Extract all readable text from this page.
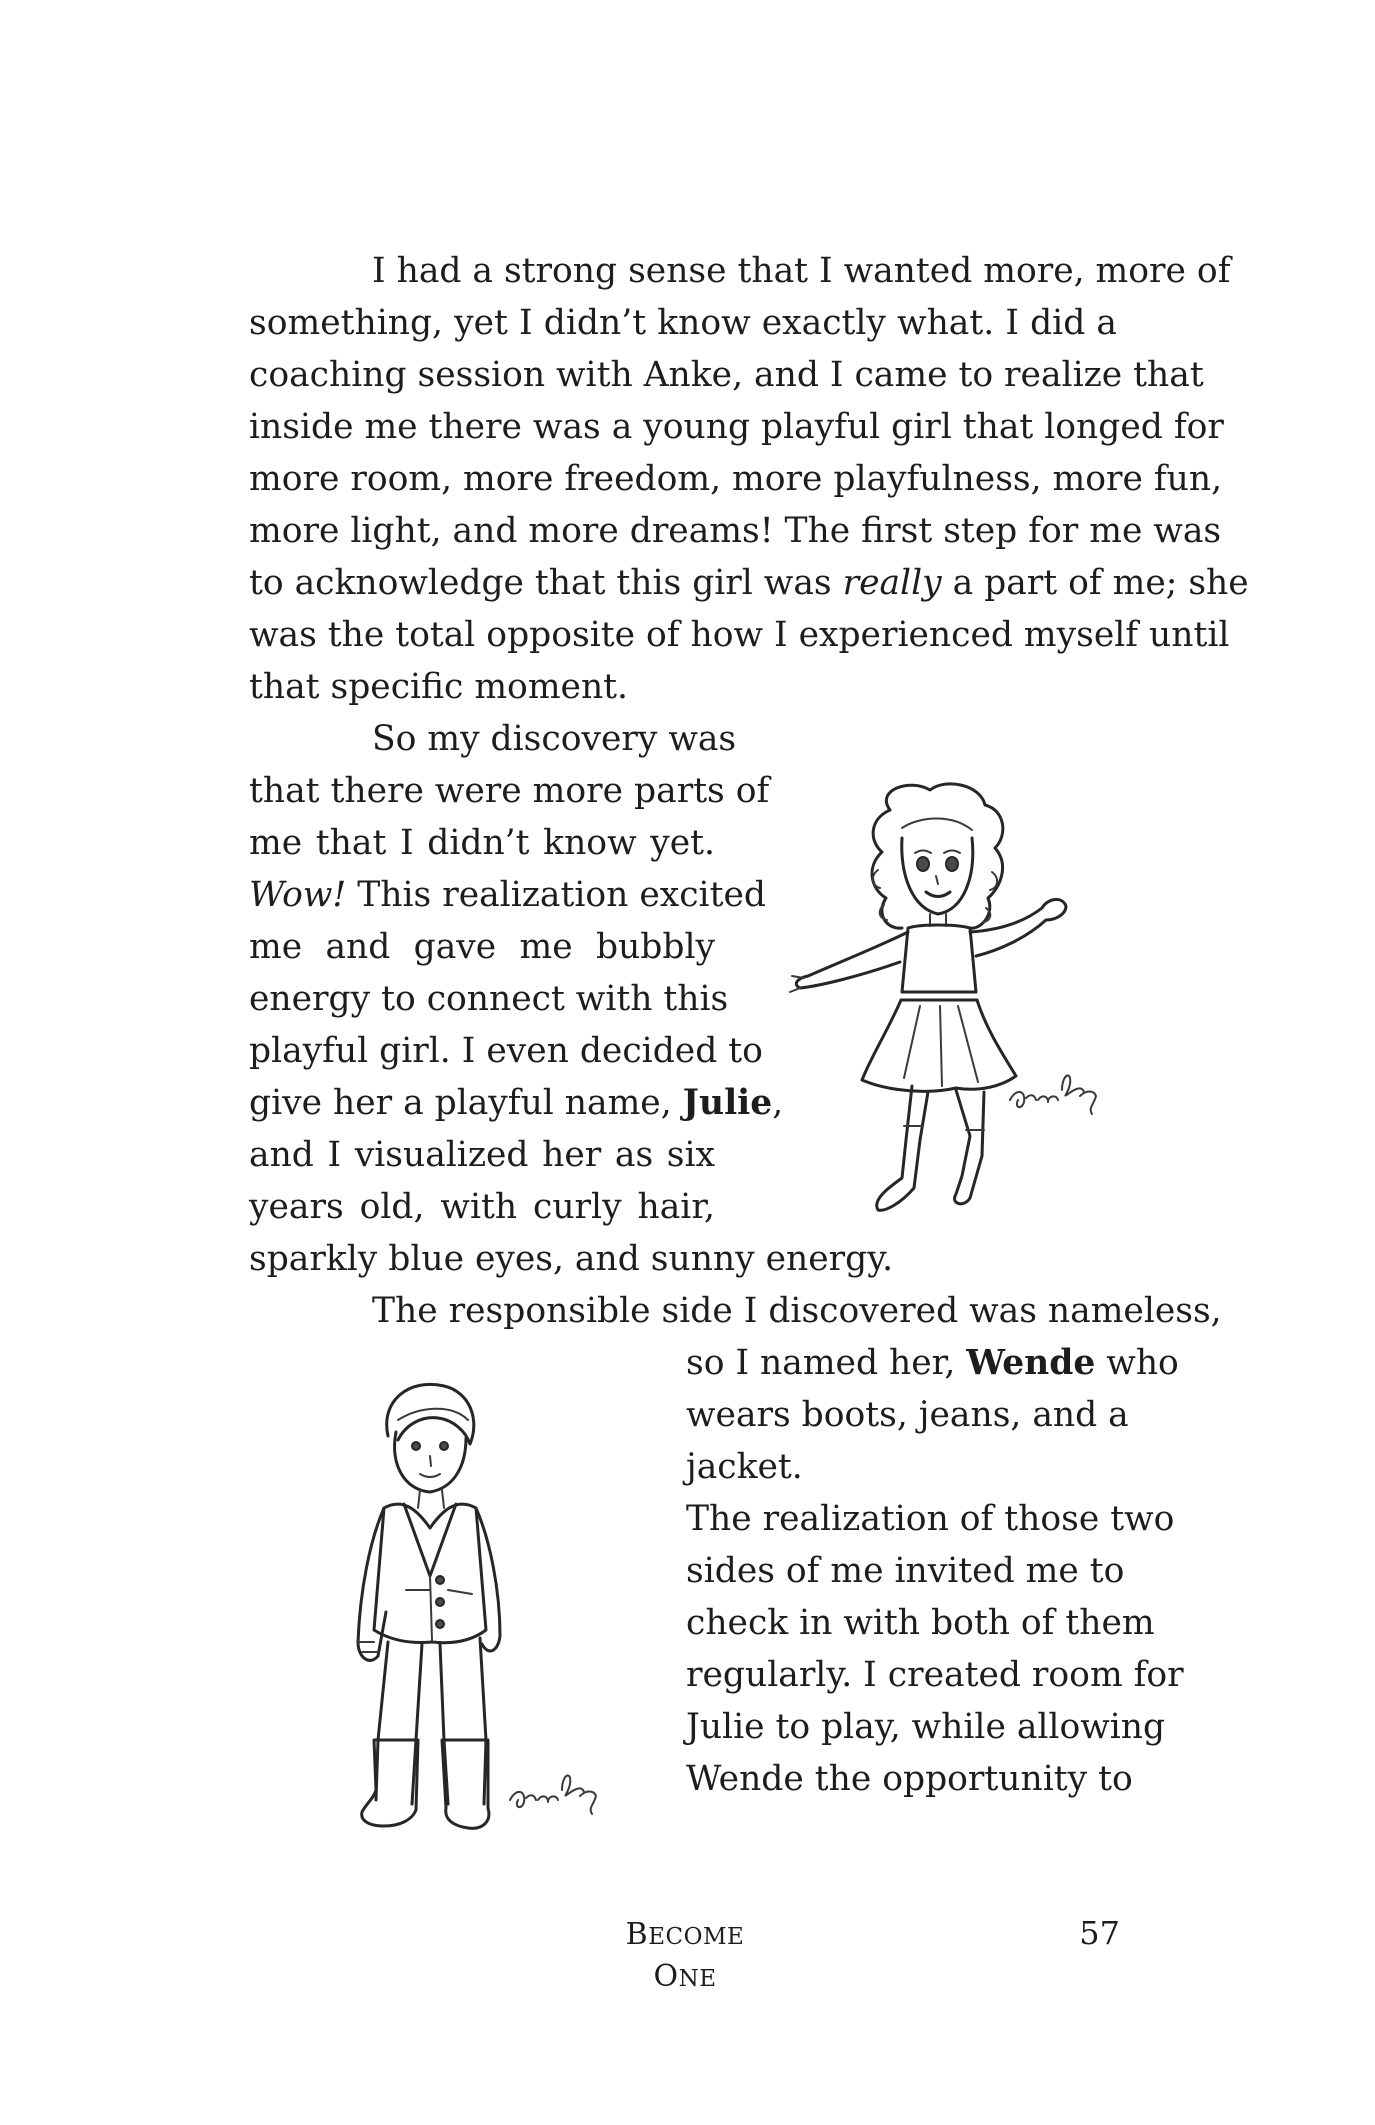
I had a strong sense that I wanted more, more of
something, yet I didn’t know exactly what. I did a
coaching session with Anke, and I came to realize that
inside me there was a young playful girl that longed for
more room, more freedom, more playfulness, more fun,
more light, and more dreams! The first step for me was
to acknowledge that this girl was really a part of me; she
was the total opposite of how I experienced myself until
that specific moment.
So my discovery was
that there were more parts of
me that I didn’t know yet.
Wow! This realization excited
me and gave me bubbly
energy to connect with this
playful girl. I even decided to
give her a playful name, Julie,
and I visualized her as six
years old, with curly hair,
sparkly blue eyes, and sunny energy.
The responsible side I discovered was nameless,
so I named her, Wende who
wears boots, jeans, and a
jacket.
The realization of those two
sides of me invited me to
check in with both of them
regularly. I created room for
Julie to play, while allowing
Wende the opportunity to
BECOME ONE
57
